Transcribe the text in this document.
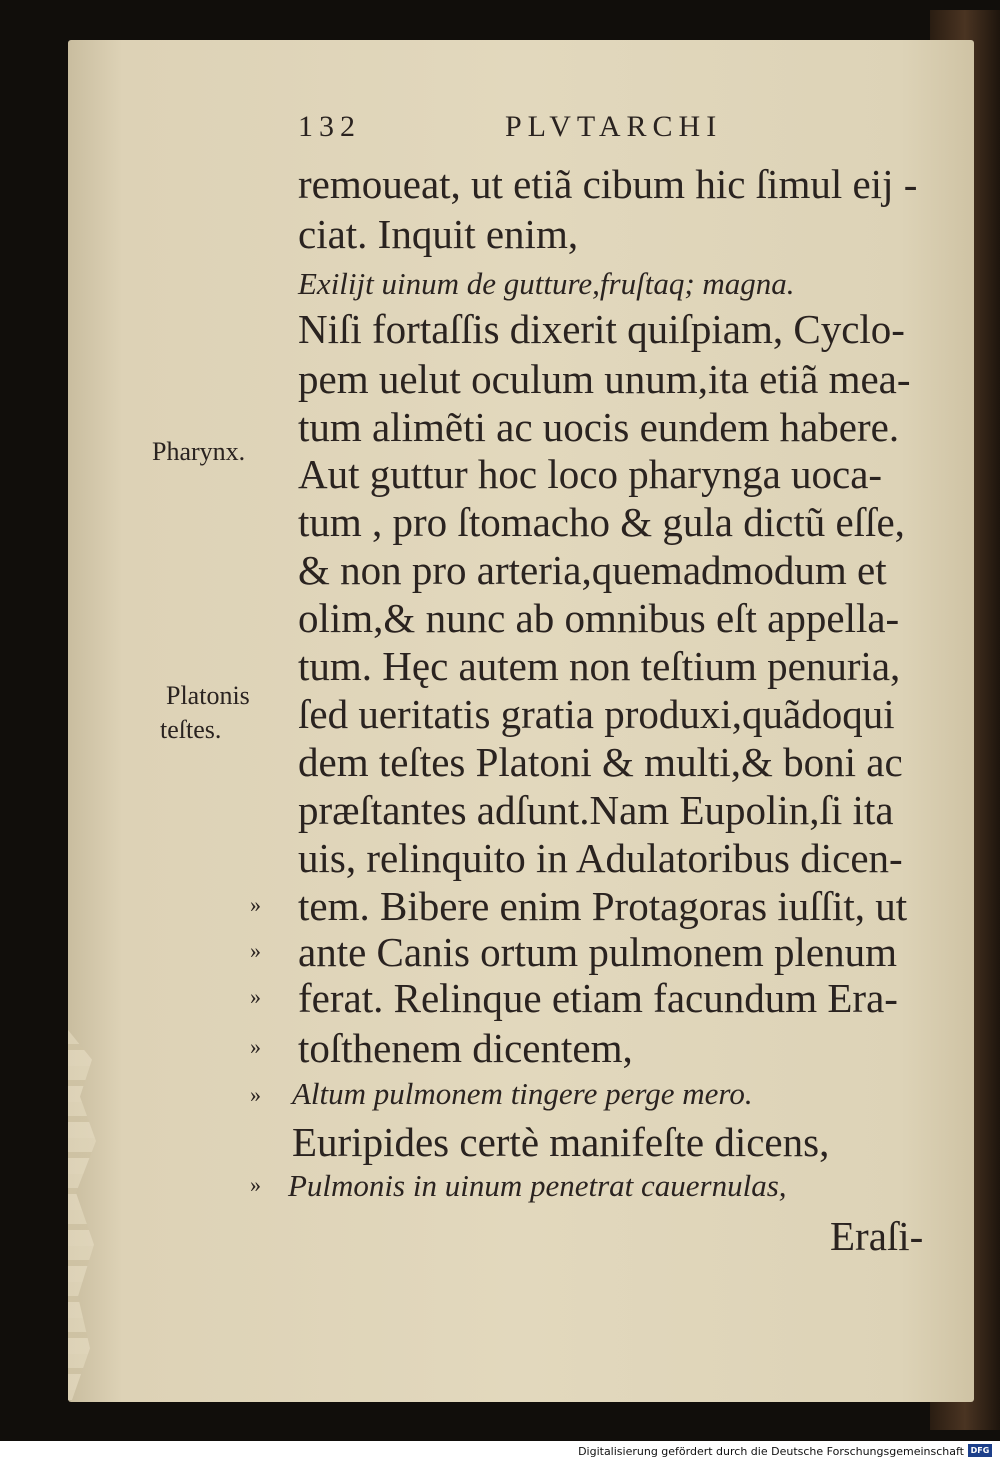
132	PLVTARCHI
remoueat, ut etiã cibum hic ſimul eij -
ciat. Inquit enim,
Exilijt uinum de gutture,fruſtaq; magna.
Niſi fortaſſis dixerit quiſpiam, Cyclo-
pem uelut oculum unum,ita etiã mea-
tum alimẽti ac uocis eundem habere.
Aut guttur hoc loco pharynga uoca-
tum , pro ſtomacho & gula dictũ eſſe,
& non pro arteria,quemadmodum et
olim,& nunc ab omnibus eſt appella-
tum. Hęc autem non teſtium penuria,
ſed ueritatis gratia produxi,quãdoqui
dem teſtes Platoni & multi,& boni ac
præſtantes adſunt.Nam Eupolin,ſi ita
uis, relinquito in Adulatoribus dicen-
tem. Bibere enim Protagoras iuſſit, ut
ante Canis ortum pulmonem plenum
ferat. Relinque etiam facundum Era-
toſthenem dicentem,
Altum pulmonem tingere perge mero.
Euripides certè manifeſte dicens,
Pulmonis in uinum penetrat cauernulas,
Eraſi-
»
»
»
»
»
»
Pharynx.
Platonis
teſtes.
Digitalisierung gefördert durch die Deutsche Forschungsgemeinschaft DFG
